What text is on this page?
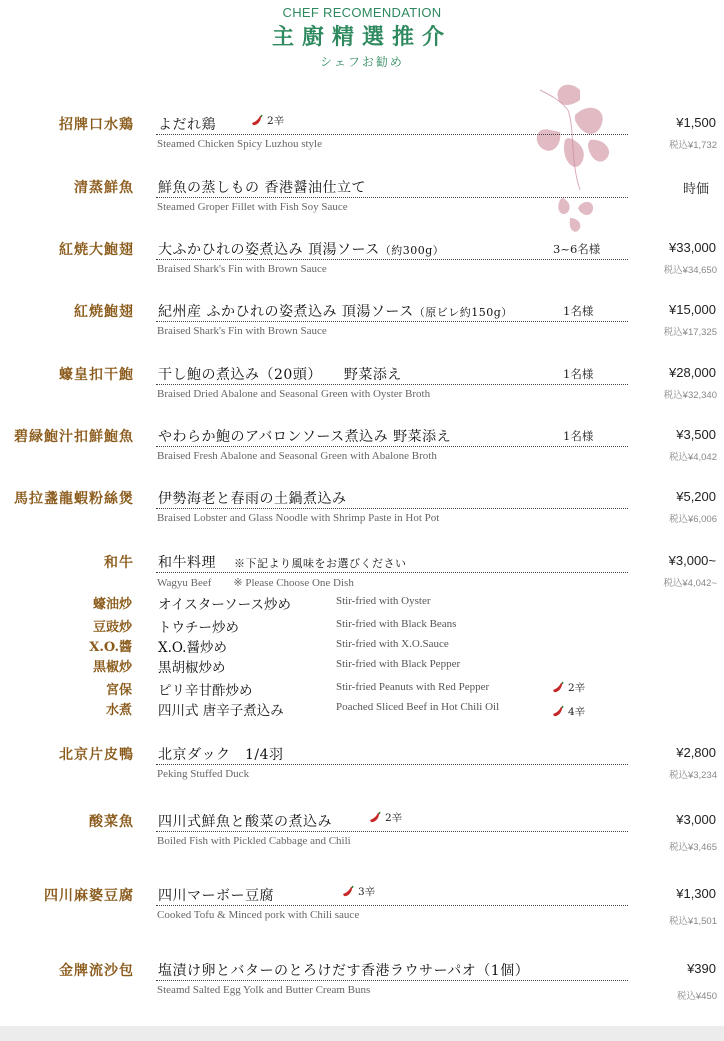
CHEF RECOMENDATION
主廚精選推介
シェフお勧め
招牌口水鶏 よだれ鶏	2辛
Steamed Chicken Spicy Luzhou style
¥1,500
税込¥1,732
清蒸鮮魚 鮮魚の蒸しもの 香港醤油仕立て
Steamed Groper Fillet with Fish Soy Sauce
時価
紅焼大鮑翅 大ふかひれの姿煮込み 頂湯ソース（約300g）	3~6名様
Braised Shark's Fin with Brown Sauce
¥33,000
税込¥34,650
紅焼鮑翅 紀州産 ふかひれの姿煮込み 頂湯ソース（原ビレ約150g）	1名様
Braised Shark's Fin with Brown Sauce
¥15,000
税込¥17,325
蠔皇扣干鮑 干し鮑の煮込み（20頭）　　野菜添え	1名様
Braised Dried Abalone and Seasonal Green with Oyster Broth
¥28,000
税込¥32,340
碧緑鮑汁扣鮮鮑魚 やわらか鮑のアバロンソース煮込み 野菜添え	1名様
Braised Fresh Abalone and Seasonal Green with Abalone Broth
¥3,500
税込¥4,042
馬拉盞龍蝦粉絲煲 伊勢海老と春雨の土鍋煮込み
Braised Lobster and Glass Noodle with Shrimp Paste in Hot Pot
¥5,200
税込¥6,006
和牛 和牛料理 ※下記より風味をお選びください
Wagyu Beef ※ Please Choose One Dish
¥3,000~
税込¥4,042~
蠔油炒 オイスターソース炒め	Stir-fried with Oyster
豆豉炒 トウチー炒め	Stir-fried with Black Beans
X.O.醬 X.O.醤炒め	Stir-fried with X.O.Sauce
黒椒炒 黒胡椒炒め	Stir-fried with Black Pepper
宮保 ピリ辛甘酢炒め	Stir-fried Peanuts with Red Pepper	2辛
水煮 四川式 唐辛子煮込み	Poached Sliced Beef in Hot Chili Oil	4辛
北京片皮鴨 北京ダック　1/4羽
Peking Stuffed Duck
¥2,800
税込¥3,234
酸菜魚 四川式鮮魚と酸菜の煮込み	2辛
Boiled Fish with Pickled Cabbage and Chili
¥3,000
税込¥3,465
四川麻婆豆腐 四川マーボー豆腐	3辛
Cooked Tofu & Minced pork with Chili sauce
¥1,300
税込¥1,501
金牌流沙包 塩漬け卵とバターのとろけだす香港ラウサーパオ（1個）
Steamd Salted Egg Yolk and Butter Cream Buns
¥390
税込¥450
